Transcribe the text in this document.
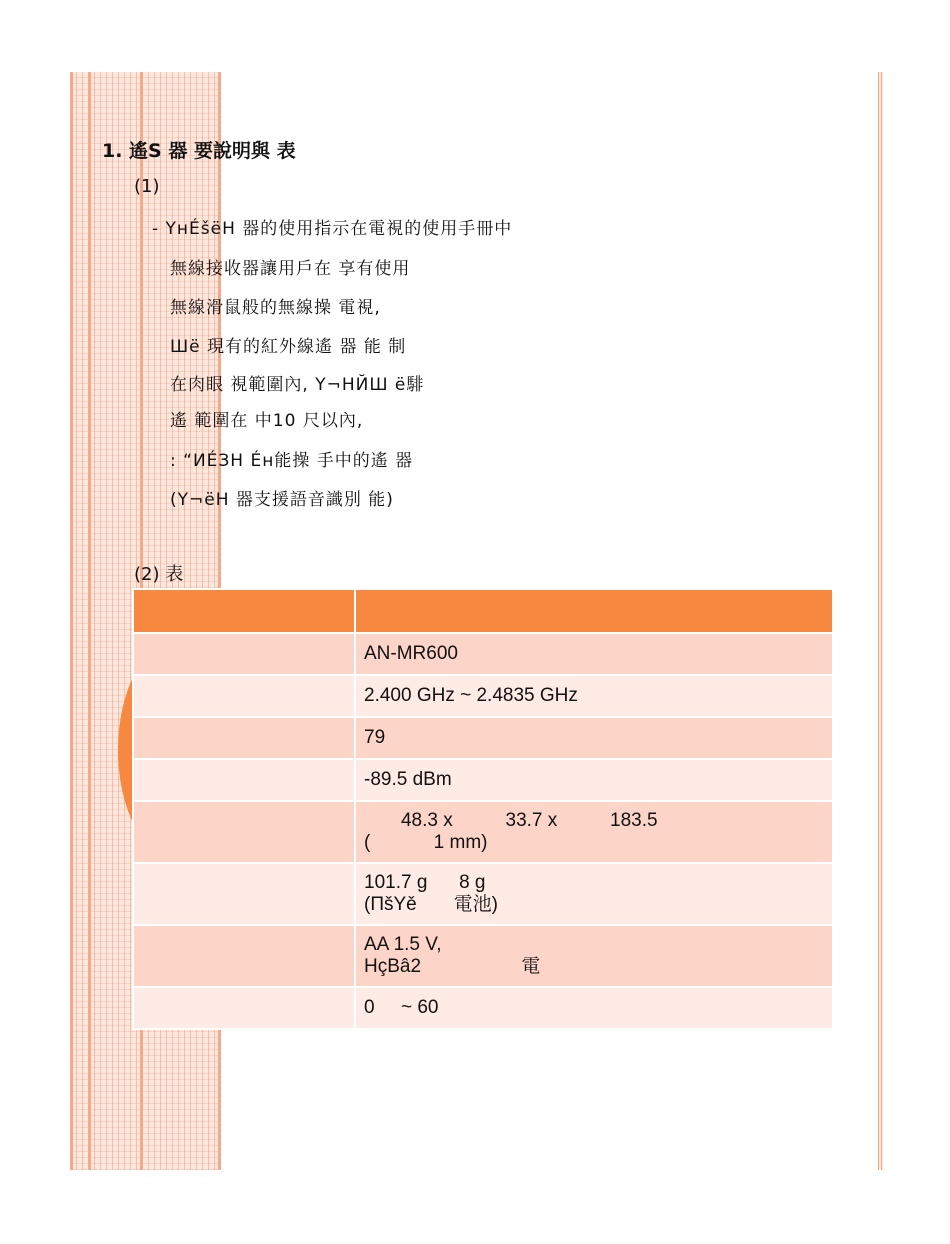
1. 遙S 器 要說明與 表
(1)
- YнÉšëH 器的使用指示在電視的使用手冊中
無線接收器讓用戶在 享有使用
無線滑鼠般的無線操 電視,
Шë 現有的紅外線遙 器 能 制
在肉眼 視範圍內, Y¬НЙШ ë騑
遙 範圍在 中10 尺以內,
: “ИÉЗН Éн能操 手中的遙 器
(Y¬ëH 器支援語音識別 能)
(2) 表

	AN-MR600

	2.400 GHz ~ 2.4835 GHz

	79

	-89.5 dBm

	48.3 x          33.7 x          183.5
(            1 mm)

	101.7 g      8 g
(ПšYě       電池)

	AA 1.5 V,
HçBâ2                   電

	0     ~ 60
